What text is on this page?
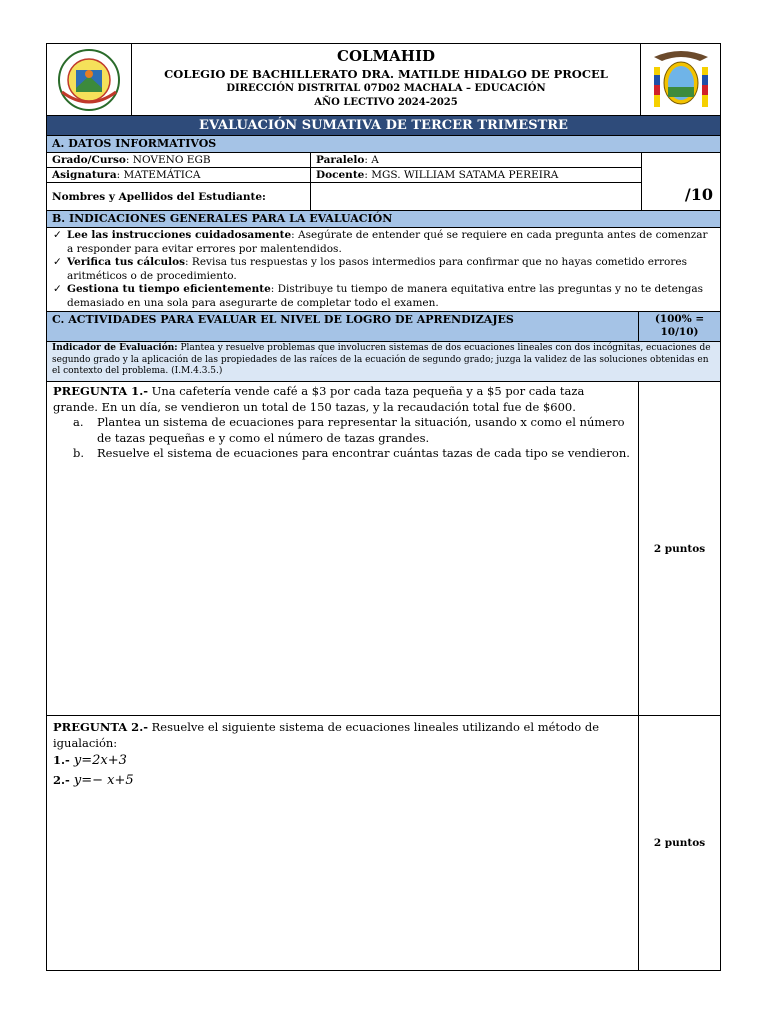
COLMAHID
COLEGIO DE BACHILLERATO DRA. MATILDE HIDALGO DE PROCEL
DIRECCIÓN DISTRITAL 07D02 MACHALA – EDUCACIÓN
AÑO LECTIVO 2024-2025
EVALUACIÓN SUMATIVA DE TERCER TRIMESTRE
A. DATOS INFORMATIVOS
Grado/Curso: NOVENO EGB	Paralelo: A
Asignatura: MATEMÁTICA	Docente: MGS. WILLIAM SATAMA PEREIRA
Nombres y Apellidos del Estudiante:	/10
B. INDICACIONES GENERALES PARA LA EVALUACIÓN
✓ Lee las instrucciones cuidadosamente: Asegúrate de entender qué se requiere en cada pregunta antes de comenzar a responder para evitar errores por malentendidos.
✓ Verifica tus cálculos: Revisa tus respuestas y los pasos intermedios para confirmar que no hayas cometido errores aritméticos o de procedimiento.
✓ Gestiona tu tiempo eficientemente: Distribuye tu tiempo de manera equitativa entre las preguntas y no te detengas demasiado en una sola para asegurarte de completar todo el examen.
C. ACTIVIDADES PARA EVALUAR EL NIVEL DE LOGRO DE APRENDIZAJES	(100% = 10/10)
Indicador de Evaluación: Plantea y resuelve problemas que involucren sistemas de dos ecuaciones lineales con dos incógnitas, ecuaciones de segundo grado y la aplicación de las propiedades de las raíces de la ecuación de segundo grado; juzga la validez de las soluciones obtenidas en el contexto del problema. (I.M.4.3.5.)
PREGUNTA 1.- Una cafetería vende café a $3 por cada taza pequeña y a $5 por cada taza grande. En un día, se vendieron un total de 150 tazas, y la recaudación total fue de $600.
a.	Plantea un sistema de ecuaciones para representar la situación, usando x como el número de tazas pequeñas e y como el número de tazas grandes.
b.	Resuelve el sistema de ecuaciones para encontrar cuántas tazas de cada tipo se vendieron.
2 puntos
PREGUNTA 2.- Resuelve el siguiente sistema de ecuaciones lineales utilizando el método de igualación:
1.- y=2x+3
2.- y=− x+5
2 puntos
